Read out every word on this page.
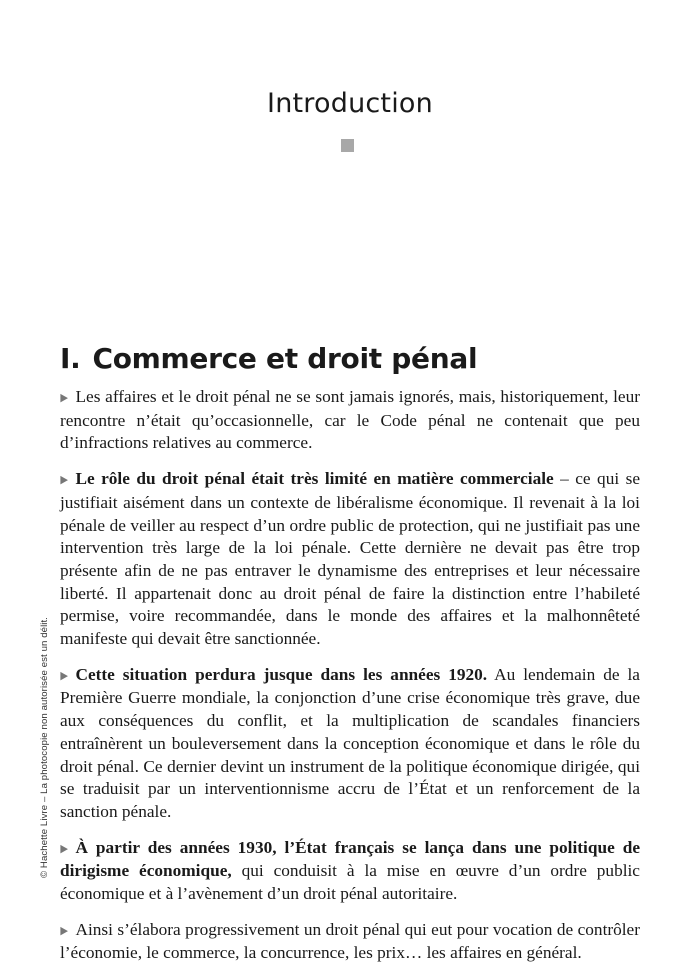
Introduction
I. Commerce et droit pénal

▶ Les affaires et le droit pénal ne se sont jamais ignorés, mais, historiquement, leur rencontre n’était qu’occasionnelle, car le Code pénal ne contenait que peu d’infractions relatives au commerce.

▶ Le rôle du droit pénal était très limité en matière commerciale – ce qui se justifiait aisément dans un contexte de libéralisme économique. Il revenait à la loi pénale de veiller au respect d’un ordre public de protection, qui ne justifiait pas une intervention très large de la loi pénale. Cette dernière ne devait pas être trop présente afin de ne pas entraver le dynamisme des entreprises et leur nécessaire liberté. Il appartenait donc au droit pénal de faire la distinction entre l’habileté permise, voire recommandée, dans le monde des affaires et la malhonnêteté manifeste qui devait être sanctionnée.

▶ Cette situation perdura jusque dans les années 1920. Au lendemain de la Première Guerre mondiale, la conjonction d’une crise économique très grave, due aux conséquences du conflit, et la multiplication de scandales financiers entraînèrent un bouleversement dans la conception économique et dans le rôle du droit pénal. Ce dernier devint un instrument de la politique économique dirigée, qui se traduisit par un interventionnisme accru de l’État et un renforcement de la sanction pénale.

▶ À partir des années 1930, l’État français se lança dans une politique de dirigisme économique, qui conduisit à la mise en œuvre d’un ordre public économique et à l’avènement d’un droit pénal autoritaire.

▶ Ainsi s’élabora progressivement un droit pénal qui eut pour vocation de contrôler l’économie, le commerce, la concurrence, les prix… les affaires en général.

© Hachette Livre – La photocopie non autorisée est un délit.
